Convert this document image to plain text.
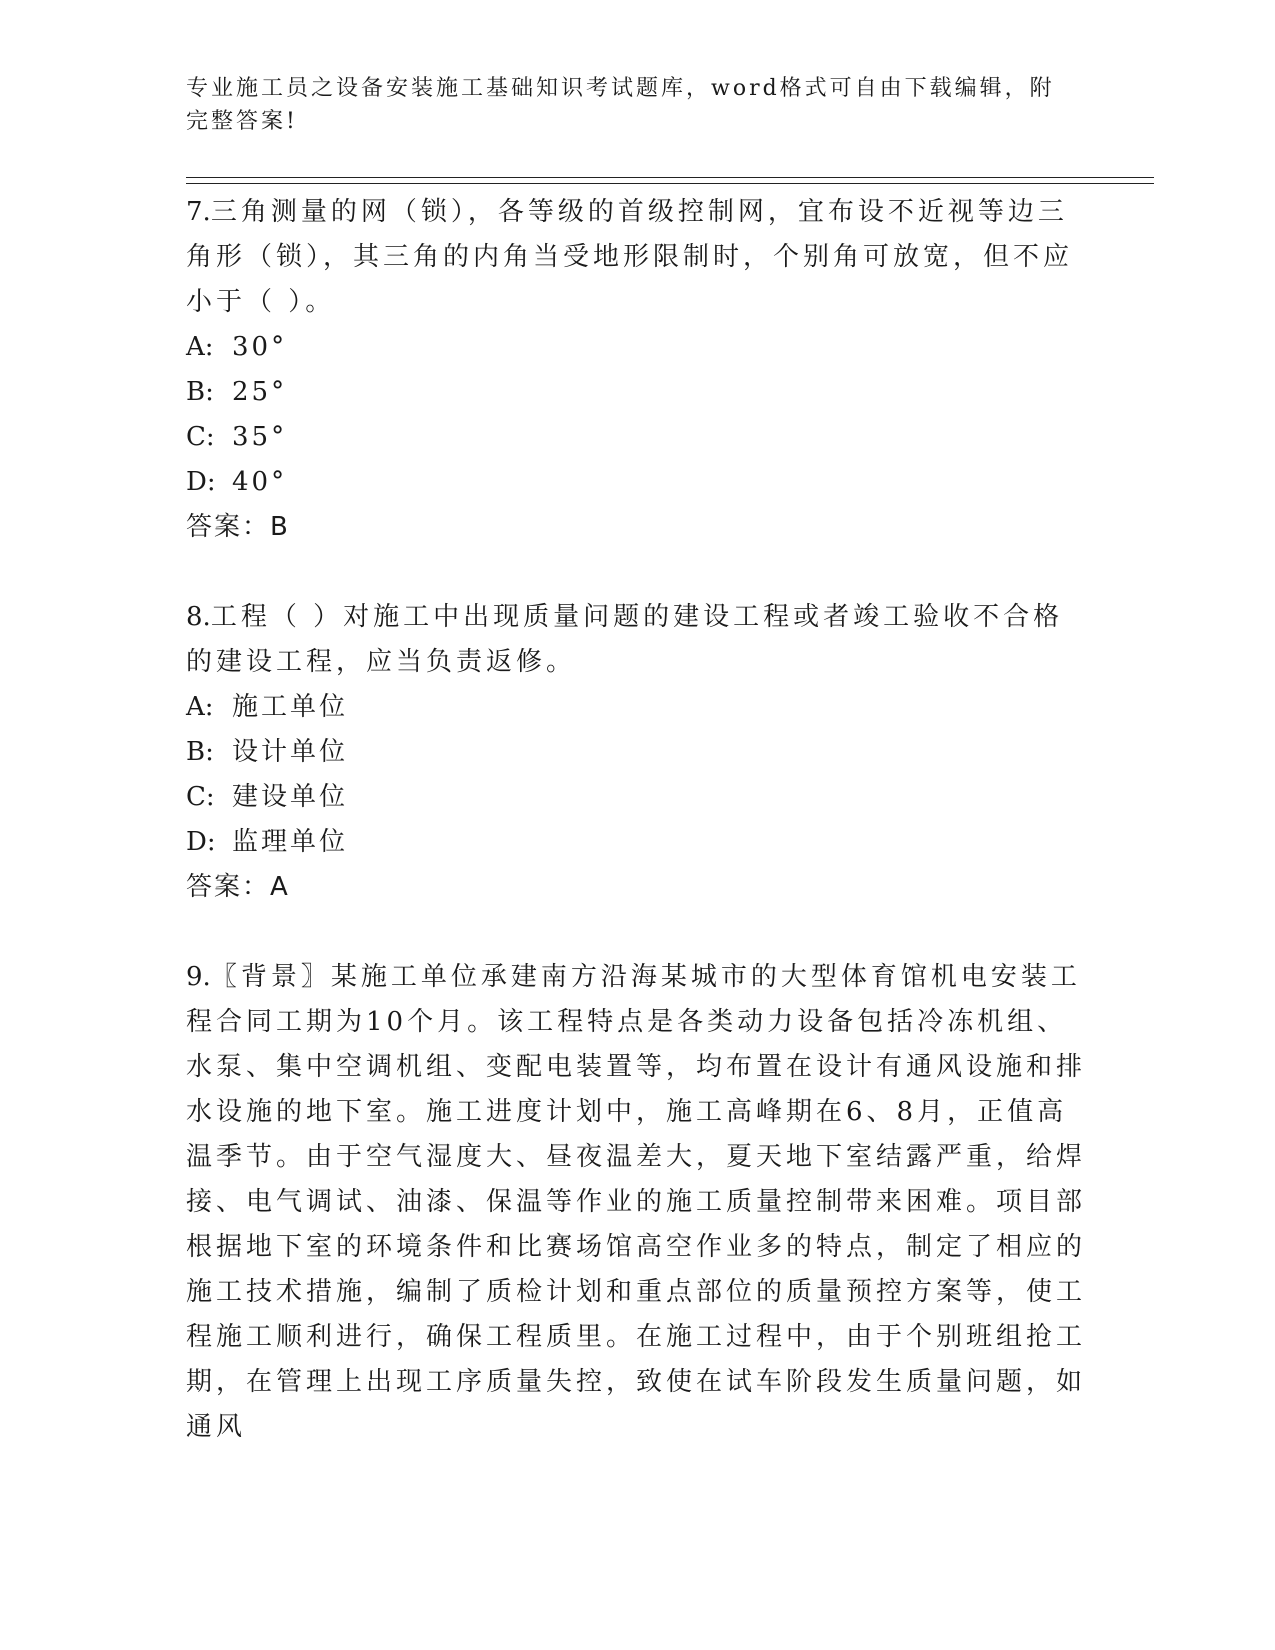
专业施工员之设备安装施工基础知识考试题库，word格式可自由下载编辑，附完整答案!

7.三角测量的网（锁），各等级的首级控制网，宜布设不近视等边三角形（锁），其三角的内角当受地形限制时，个别角可放宽，但不应小于（ ）。

A: 30°
B: 25°
C: 35°
D: 40°
答案：B

8.工程（ ）对施工中出现质量问题的建设工程或者竣工验收不合格的建设工程，应当负责返修。

A: 施工单位
B: 设计单位
C: 建设单位
D: 监理单位
答案：A

9.〖背景〗某施工单位承建南方沿海某城市的大型体育馆机电安装工程合同工期为10个月。该工程特点是各类动力设备包括冷冻机组、水泵、集中空调机组、变配电装置等，均布置在设计有通风设施和排水设施的地下室。施工进度计划中，施工高峰期在6、8月，正值高温季节。由于空气湿度大、昼夜温差大，夏天地下室结露严重，给焊接、电气调试、油漆、保温等作业的施工质量控制带来困难。项目部根据地下室的环境条件和比赛场馆高空作业多的特点，制定了相应的施工技术措施，编制了质检计划和重点部位的质量预控方案等，使工程施工顺利进行，确保工程质里。在施工过程中，由于个别班组抢工期，在管理上出现工序质量失控，致使在试车阶段发生质量问题，如通风
